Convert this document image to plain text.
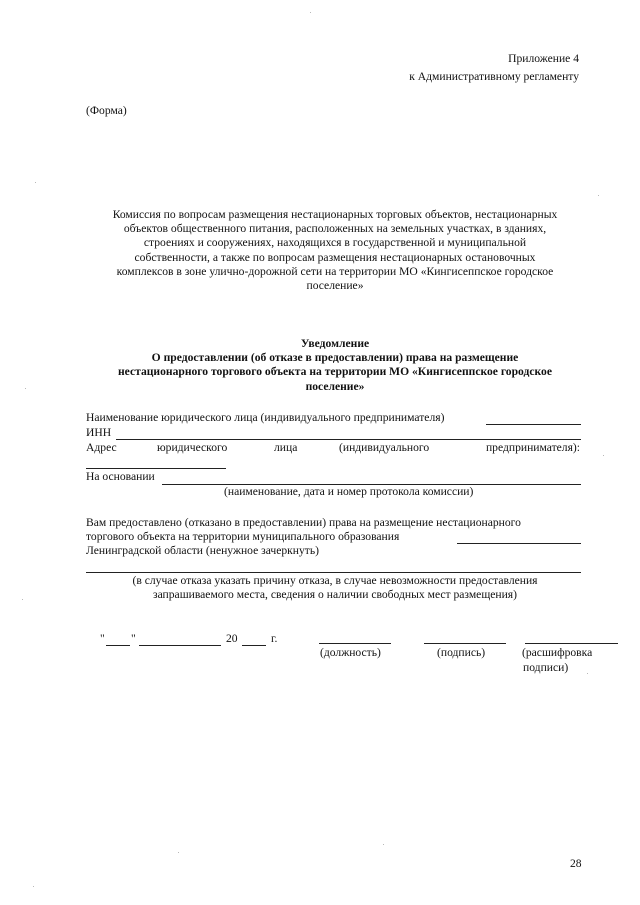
Приложение 4
к Административному регламенту
(Форма)
Комиссия по вопросам размещения нестационарных торговых объектов, нестационарных
объектов общественного питания, расположенных на земельных участках, в зданиях,
строениях и сооружениях, находящихся в государственной и муниципальной
собственности, а также по вопросам размещения нестационарных остановочных
комплексов в зоне улично-дорожной сети на территории МО «Кингисеппское городское
поселение»
Уведомление
О предоставлении (об отказе в предоставлении) права на размещение
нестационарного торгового объекта на территории МО «Кингисеппское городское
поселение»
Наименование юридического лица (индивидуального предпринимателя)
ИНН
Адрес	юридического	лица	(индивидуального	предпринимателя):
На основании
(наименование, дата и номер протокола комиссии)
Вам предоставлено (отказано в предоставлении) права на размещение нестационарного
торгового объекта на территории муниципального образования
Ленинградской области (ненужное зачеркнуть)
(в случае отказа указать причину отказа, в случае невозможности предоставления
запрашиваемого места, сведения о наличии свободных мест размещения)
" "	20	г.
(должность)	(подпись)	(расшифровка
подписи)
28
